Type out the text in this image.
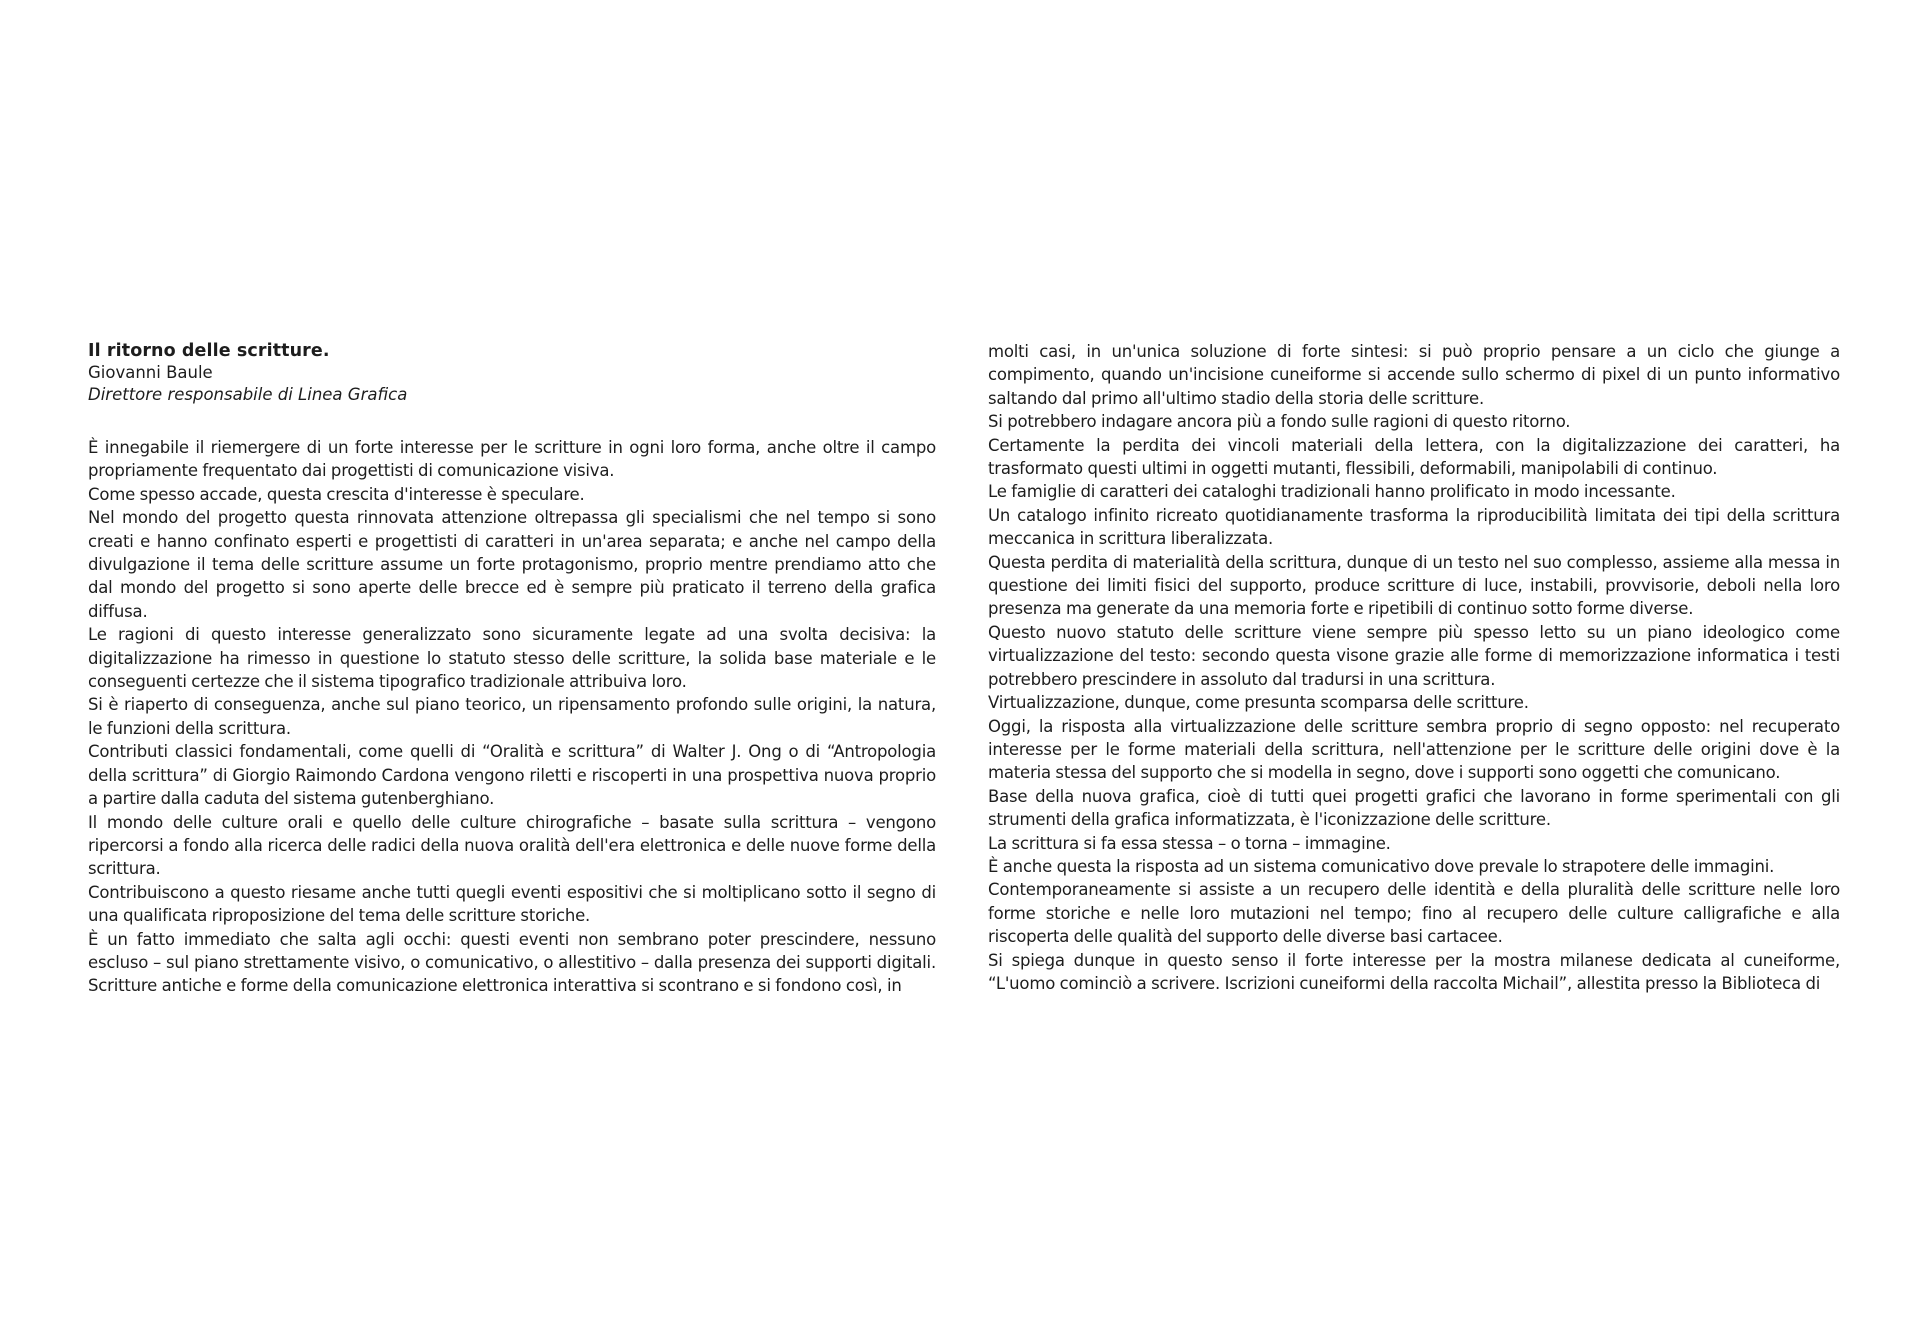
Il ritorno delle scritture.
Giovanni Baule
Direttore responsabile di Linea Grafica

È innegabile il riemergere di un forte interesse per le scritture in ogni loro forma, anche oltre il campo propriamente frequentato dai progettisti di comunicazione visiva.

Come spesso accade, questa crescita d'interesse è speculare.

Nel mondo del progetto questa rinnovata attenzione oltrepassa gli specialismi che nel tempo si sono creati e hanno confinato esperti e progettisti di caratteri in un'area separata; e anche nel campo della divulgazione il tema delle scritture assume un forte protagonismo, proprio mentre prendiamo atto che dal mondo del progetto si sono aperte delle brecce ed è sempre più praticato il terreno della grafica diffusa.

Le ragioni di questo interesse generalizzato sono sicuramente legate ad una svolta decisiva: la digitalizzazione ha rimesso in questione lo statuto stesso delle scritture, la solida base materiale e le conseguenti certezze che il sistema tipografico tradizionale attribuiva loro.

Si è riaperto di conseguenza, anche sul piano teorico, un ripensamento profondo sulle origini, la natura, le funzioni della scrittura.

Contributi classici fondamentali, come quelli di “Oralità e scrittura” di Walter J. Ong o di “Antropologia della scrittura” di Giorgio Raimondo Cardona vengono riletti e riscoperti in una prospettiva nuova proprio a partire dalla caduta del sistema gutenberghiano.

Il mondo delle culture orali e quello delle culture chirografiche – basate sulla scrittura – vengono ripercorsi a fondo alla ricerca delle radici della nuova oralità dell'era elettronica e delle nuove forme della scrittura.

Contribuiscono a questo riesame anche tutti quegli eventi espositivi che si moltiplicano sotto il segno di una qualificata riproposizione del tema delle scritture storiche.

È un fatto immediato che salta agli occhi: questi eventi non sembrano poter prescindere, nessuno escluso – sul piano strettamente visivo, o comunicativo, o allestitivo – dalla presenza dei supporti digitali. Scritture antiche e forme della comunicazione elettronica interattiva si scontrano e si fondono così, in

molti casi, in un'unica soluzione di forte sintesi: si può proprio pensare a un ciclo che giunge a compimento, quando un'incisione cuneiforme si accende sullo schermo di pixel di un punto informativo saltando dal primo all'ultimo stadio della storia delle scritture.

Si potrebbero indagare ancora più a fondo sulle ragioni di questo ritorno.

Certamente la perdita dei vincoli materiali della lettera, con la digitalizzazione dei caratteri, ha trasformato questi ultimi in oggetti mutanti, flessibili, deformabili, manipolabili di continuo.

Le famiglie di caratteri dei cataloghi tradizionali hanno prolificato in modo incessante.

Un catalogo infinito ricreato quotidianamente trasforma la riproducibilità limitata dei tipi della scrittura meccanica in scrittura liberalizzata.

Questa perdita di materialità della scrittura, dunque di un testo nel suo complesso, assieme alla messa in questione dei limiti fisici del supporto, produce scritture di luce, instabili, provvisorie, deboli nella loro presenza ma generate da una memoria forte e ripetibili di continuo sotto forme diverse.

Questo nuovo statuto delle scritture viene sempre più spesso letto su un piano ideologico come virtualizzazione del testo: secondo questa visone grazie alle forme di memorizzazione informatica i testi potrebbero prescindere in assoluto dal tradursi in una scrittura.

Virtualizzazione, dunque, come presunta scomparsa delle scritture.

Oggi, la risposta alla virtualizzazione delle scritture sembra proprio di segno opposto: nel recuperato interesse per le forme materiali della scrittura, nell'attenzione per le scritture delle origini dove è la materia stessa del supporto che si modella in segno, dove i supporti sono oggetti che comunicano.

Base della nuova grafica, cioè di tutti quei progetti grafici che lavorano in forme sperimentali con gli strumenti della grafica informatizzata, è l'iconizzazione delle scritture.

La scrittura si fa essa stessa – o torna – immagine.

È anche questa la risposta ad un sistema comunicativo dove prevale lo strapotere delle immagini.

Contemporaneamente si assiste a un recupero delle identità e della pluralità delle scritture nelle loro forme storiche e nelle loro mutazioni nel tempo; fino al recupero delle culture calligrafiche e alla riscoperta delle qualità del supporto delle diverse basi cartacee.

Si spiega dunque in questo senso il forte interesse per la mostra milanese dedicata al cuneiforme, “L'uomo cominciò a scrivere. Iscrizioni cuneiformi della raccolta Michail”, allestita presso la Biblioteca di
